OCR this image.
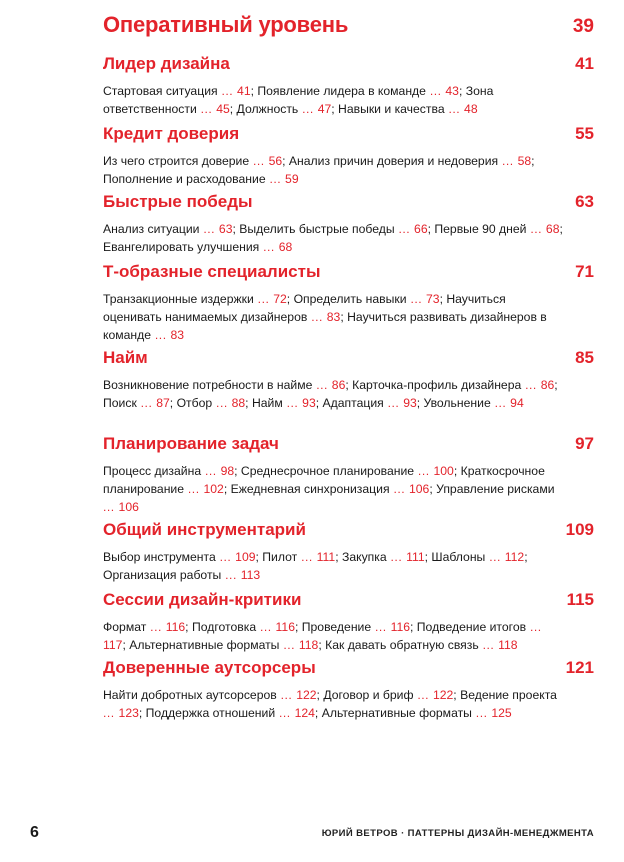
Оперативный уровень	39
Лидер дизайна	41
Стартовая ситуация ... 41; Появление лидера в команде ... 43; Зона ответственности ... 45; Должность ... 47; Навыки и качества ... 48
Кредит доверия	55
Из чего строится доверие ... 56; Анализ причин доверия и недоверия ... 58; Пополнение и расходование ... 59
Быстрые победы	63
Анализ ситуации ... 63; Выделить быстрые победы ... 66; Первые 90 дней ... 68; Евангелировать улучшения ... 68
Т-образные специалисты	71
Транзакционные издержки ... 72; Определить навыки ... 73; Научиться оценивать нанимаемых дизайнеров ... 83; Научиться развивать дизайнеров в команде ... 83
Найм	85
Возникновение потребности в найме ... 86; Карточка-профиль дизайнера ... 86; Поиск ... 87; Отбор ... 88; Найм ... 93; Адаптация ... 93; Увольнение ... 94
Планирование задач	97
Процесс дизайна ... 98; Среднесрочное планирование ... 100; Краткосрочное планирование ... 102; Ежедневная синхронизация ... 106; Управление рисками ... 106
Общий инструментарий	109
Выбор инструмента ... 109; Пилот ... 111; Закупка ... 111; Шаблоны ... 112; Организация работы ... 113
Сессии дизайн-критики	115
Формат ... 116; Подготовка ... 116; Проведение ... 116; Подведение итогов ... 117; Альтернативные форматы ... 118; Как давать обратную связь ... 118
Доверенные аутсорсеры	121
Найти добротных аутсорсеров ... 122; Договор и бриф ... 122; Ведение проекта ... 123; Поддержка отношений ... 124; Альтернативные форматы ... 125
6	ЮРИЙ ВЕТРОВ · ПАТТЕРНЫ ДИЗАЙН-МЕНЕДЖМЕНТА
